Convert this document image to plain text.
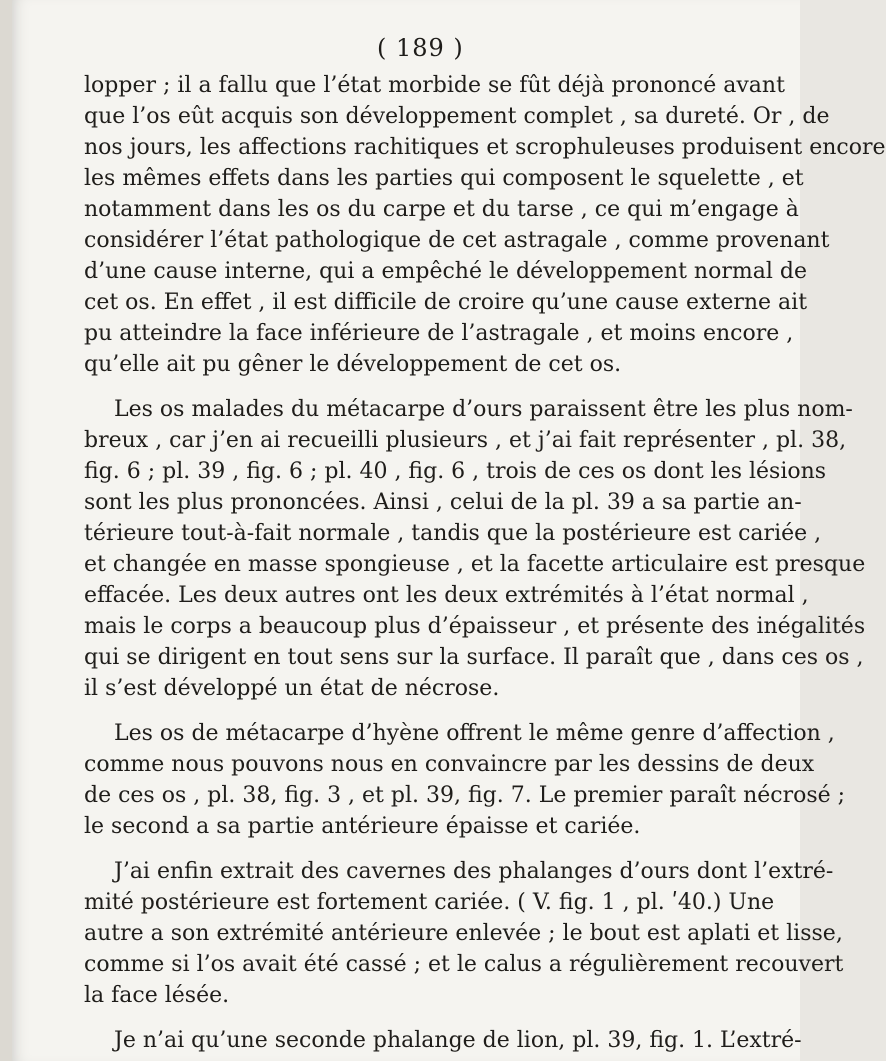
( 189 )
lopper ; il a fallu que l’état morbide se fût déjà prononcé avant
que l’os eût acquis son développement complet , sa dureté. Or , de
nos jours, les affections rachitiques et scrophuleuses produisent encore
les mêmes effets dans les parties qui composent le squelette , et
notamment dans les os du carpe et du tarse , ce qui m’engage à
considérer l’état pathologique de cet astragale , comme provenant
d’une cause interne, qui a empêché le développement normal de
cet os. En effet , il est difficile de croire qu’une cause externe ait
pu atteindre la face inférieure de l’astragale , et moins encore ,
qu’elle ait pu gêner le développement de cet os.
Les os malades du métacarpe d’ours paraissent être les plus nom-
breux , car j’en ai recueilli plusieurs , et j’ai fait représenter , pl. 38,
fig. 6 ; pl. 39 , fig. 6 ; pl. 40 , fig. 6 , trois de ces os dont les lésions
sont les plus prononcées. Ainsi , celui de la pl. 39 a sa partie an-
térieure tout-à-fait normale , tandis que la postérieure est cariée ,
et changée en masse spongieuse , et la facette articulaire est presque
effacée. Les deux autres ont les deux extrémités à l’état normal ,
mais le corps a beaucoup plus d’épaisseur , et présente des inégalités
qui se dirigent en tout sens sur la surface. Il paraît que , dans ces os ,
il s’est développé un état de nécrose.
Les os de métacarpe d’hyène offrent le même genre d’affection ,
comme nous pouvons nous en convaincre par les dessins de deux
de ces os , pl. 38, fig. 3 , et pl. 39, fig. 7. Le premier paraît nécrosé ;
le second a sa partie antérieure épaisse et cariée.
J’ai enfin extrait des cavernes des phalanges d’ours dont l’extré-
mité postérieure est fortement cariée. ( V. fig. 1 , pl. ʹ40.) Une
autre a son extrémité antérieure enlevée ; le bout est aplati et lisse,
comme si l’os avait été cassé ; et le calus a régulièrement recouvert
la face lésée.
Je n’ai qu’une seconde phalange de lion, pl. 39, fig. 1. L’extré-
